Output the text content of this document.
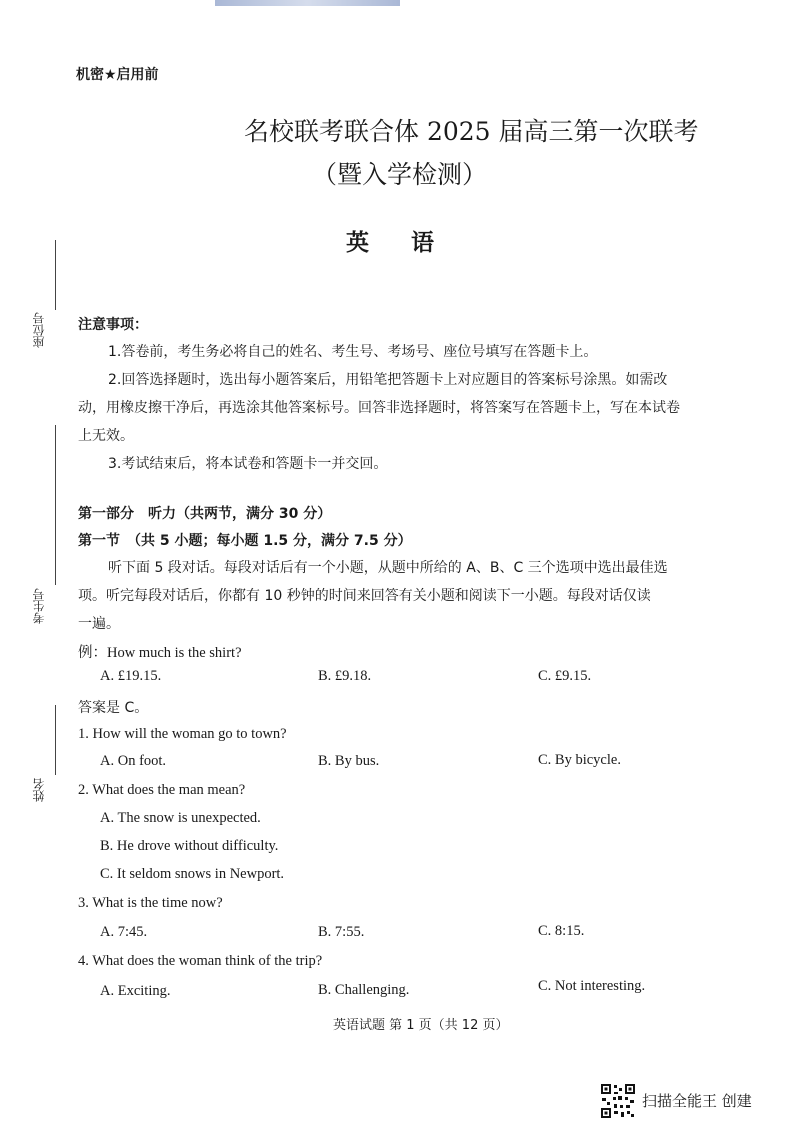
机密★启用前
名校联考联合体 2025 届高三第一次联考
（暨入学检测）
英语
座位号
考生号
姓名
注意事项：
1.答卷前，考生务必将自己的姓名、考生号、考场号、座位号填写在答题卡上。
2.回答选择题时，选出每小题答案后，用铅笔把答题卡上对应题目的答案标号涂黑。如需改
动，用橡皮擦干净后，再选涂其他答案标号。回答非选择题时，将答案写在答题卡上，写在本试卷
上无效。
3.考试结束后，将本试卷和答题卡一并交回。
第一部分　听力（共两节，满分 30 分）
第一节　（共 5 小题；每小题 1.5 分，满分 7.5 分）
听下面 5 段对话。每段对话后有一个小题，从题中所给的 A、B、C 三个选项中选出最佳选
项。听完每段对话后，你都有 10 秒钟的时间来回答有关小题和阅读下一小题。每段对话仅读
一遍。
例：How much is the shirt?
A. £19.15.	B. £9.18.	C. £9.15.
答案是 C。
1. How will the woman go to town?
A. On foot.	B. By bus.	C. By bicycle.
2. What does the man mean?
A. The snow is unexpected.
B. He drove without difficulty.
C. It seldom snows in Newport.
3. What is the time now?
A. 7:45.	B. 7:55.	C. 8:15.
4. What does the woman think of the trip?
A. Exciting.	B. Challenging.	C. Not interesting.
英语试题 第 1 页（共 12 页）
扫描全能王 创建
